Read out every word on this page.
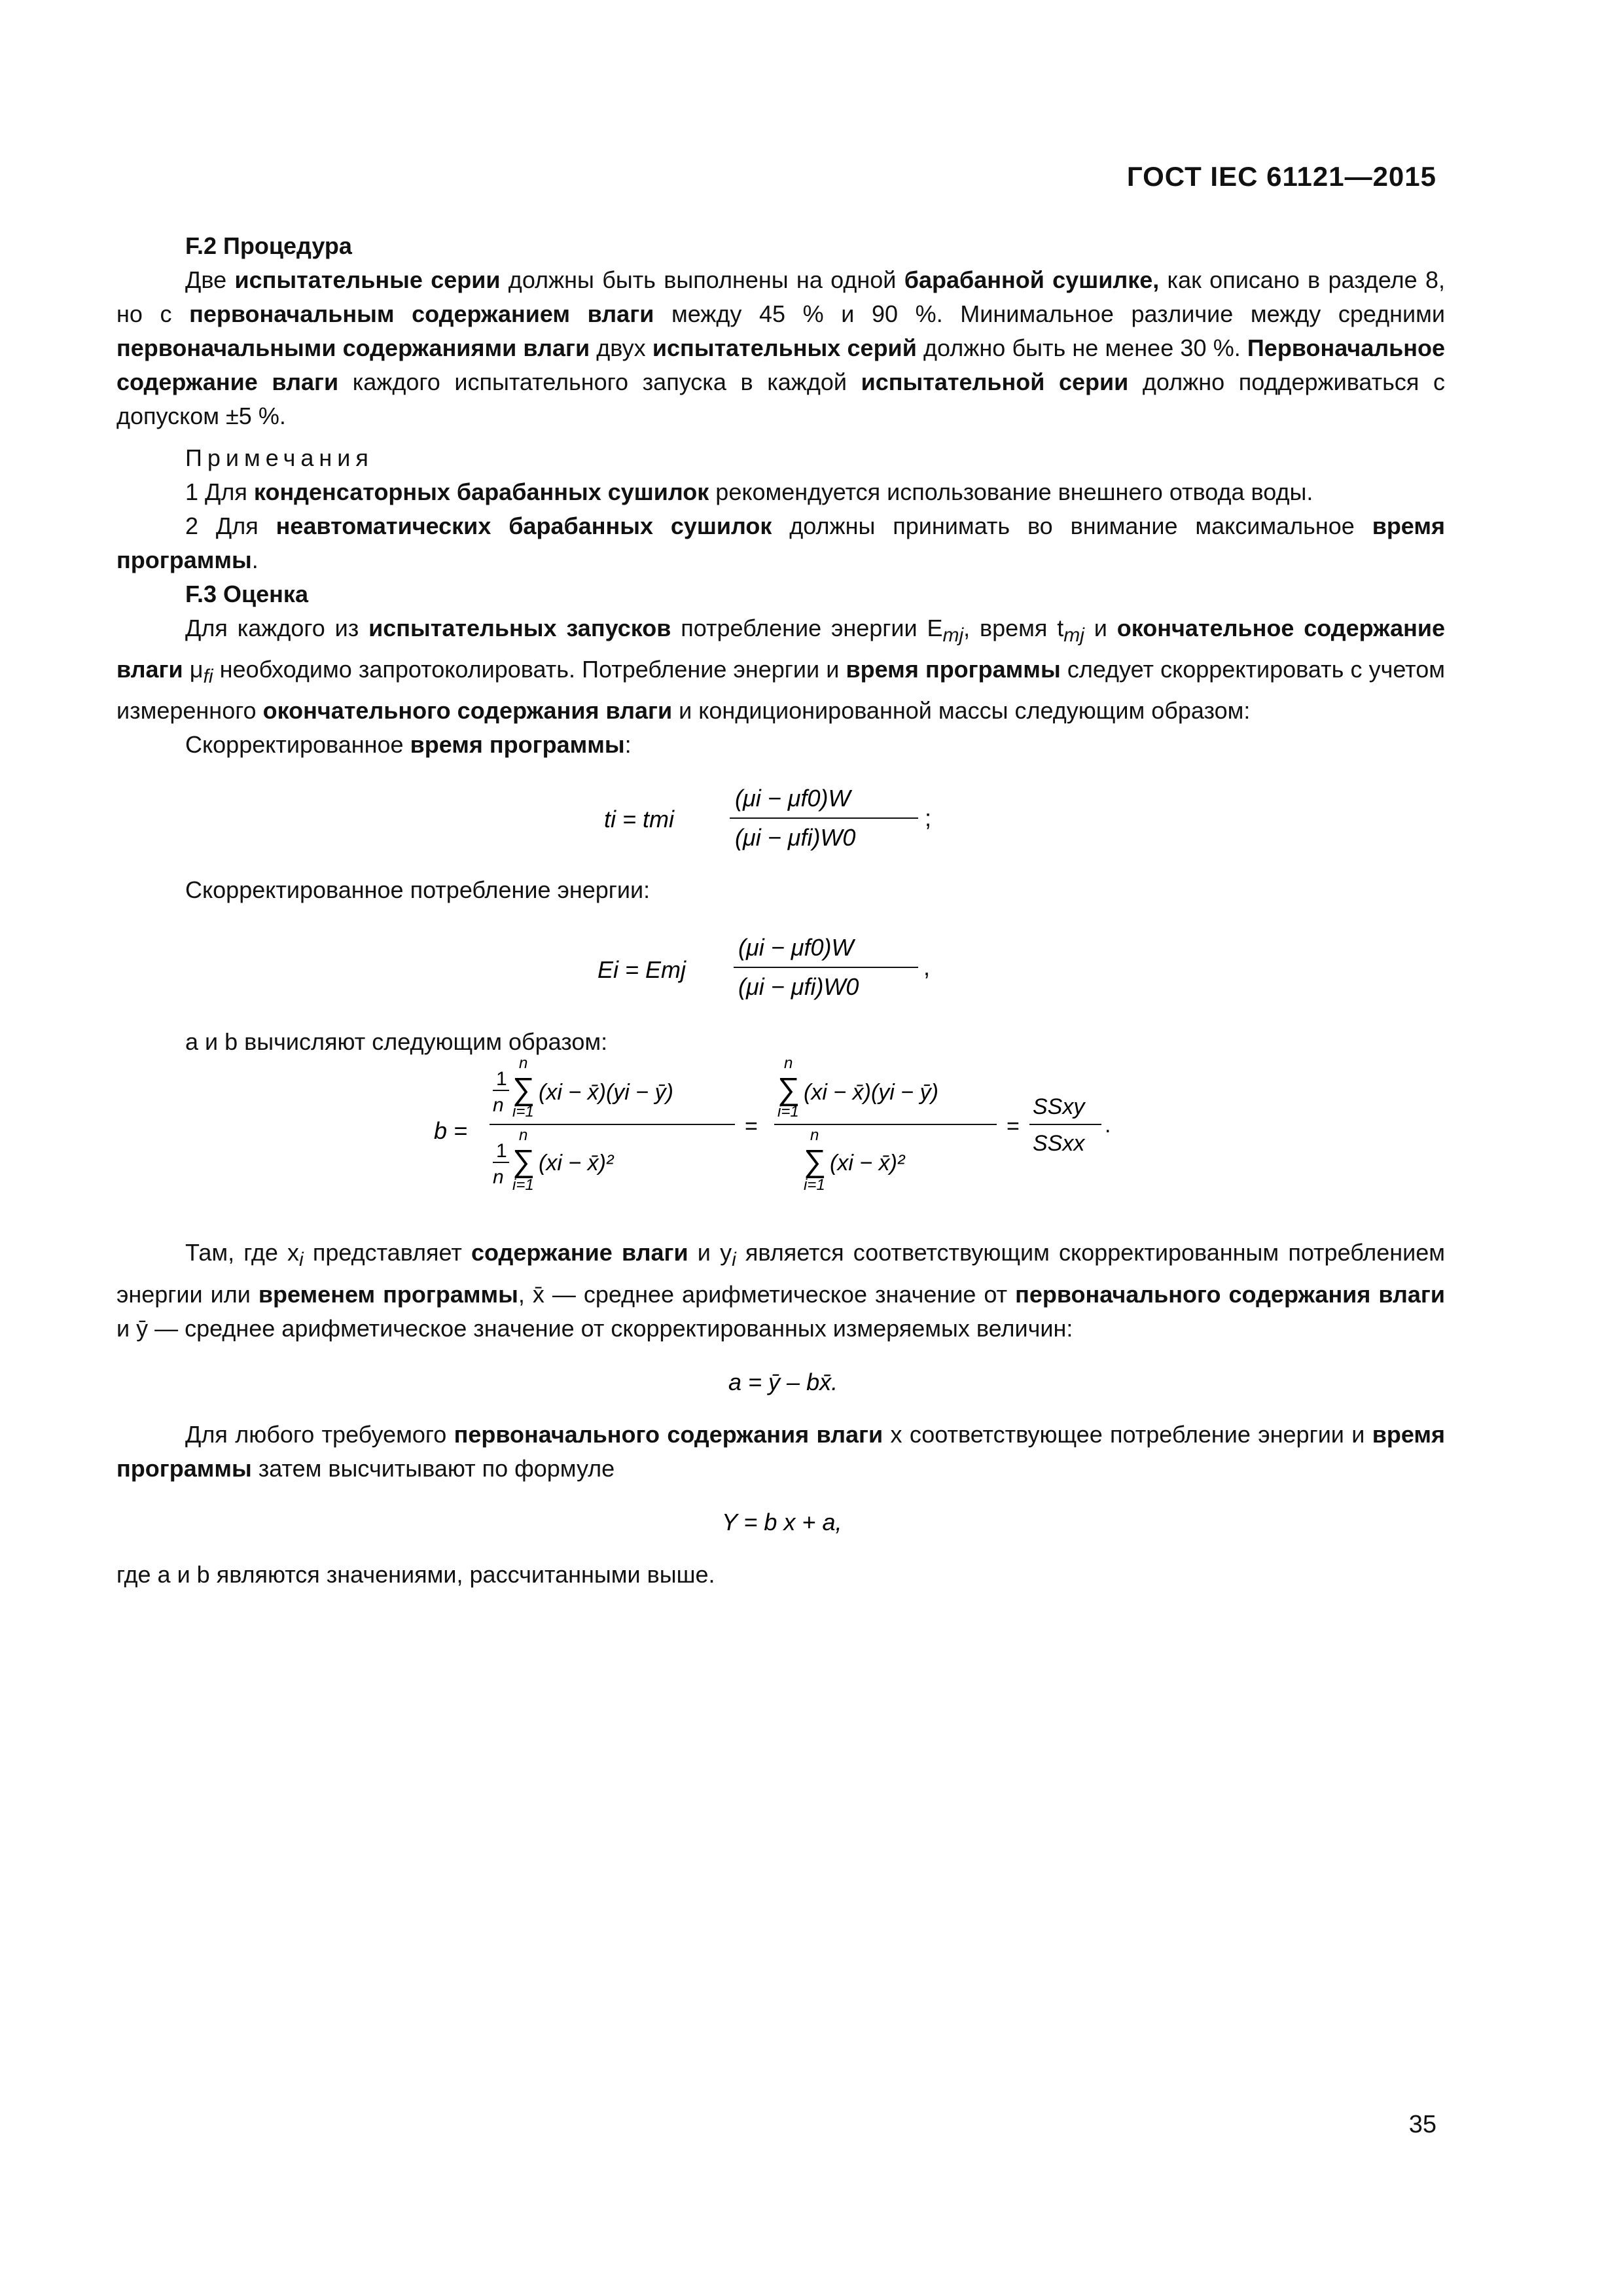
ГОСТ IEC 61121—2015

F.2 Процедура

Две испытательные серии должны быть выполнены на одной барабанной сушилке, как описано в разделе 8, но с первоначальным содержанием влаги между 45 % и 90 %. Минимальное различие между средними первоначальными содержаниями влаги двух испытательных серий должно быть не менее 30 %. Первоначальное содержание влаги каждого испытательного запуска в каждой испытательной серии должно поддерживаться с допуском ±5 %.

Примечания

1 Для конденсаторных барабанных сушилок рекомендуется использование внешнего отвода воды.

2 Для неавтоматических барабанных сушилок должны принимать во внимание максимальное время программы.

F.3 Оценка

Для каждого из испытательных запусков потребление энергии $E_{mj}$, время $t_{mj}$ и окончательное содержание влаги $\mu_{fi}$ необходимо запротоколировать. Потребление энергии и время программы следует скорректировать с учетом измеренного окончательного содержания влаги и кондиционированной массы следующим образом:

Скорректированное время программы:

ti = tmi
(μi − μf0)W
(μi − μfi)W0
;

Скорректированное потребление энергии:

Ei = Emj
(μi − μf0)W
(μi − μfi)W0
,

а и b вычисляют следующим образом:

b =
1
n
n
∑
i=1
(xi − x̄)(yi − ȳ)
1
n
n
∑
i=1
(xi − x̄)²
=
n
∑
i=1
(xi − x̄)(yi − ȳ)
n
∑
i=1
(xi − x̄)²
=
SSxy
SSxx
.

Там, где $x_i$ представляет содержание влаги и $y_i$ является соответствующим скорректированным потреблением энергии или временем программы, x̄ — среднее арифметическое значение от первоначального содержания влаги и ȳ — среднее арифметическое значение от скорректированных измеряемых величин:

a = ȳ – bx̄.

Для любого требуемого первоначального содержания влаги x соответствующее потребление энергии и время программы затем высчитывают по формуле

Y = b x + a,

где a и b являются значениями, рассчитанными выше.

35
